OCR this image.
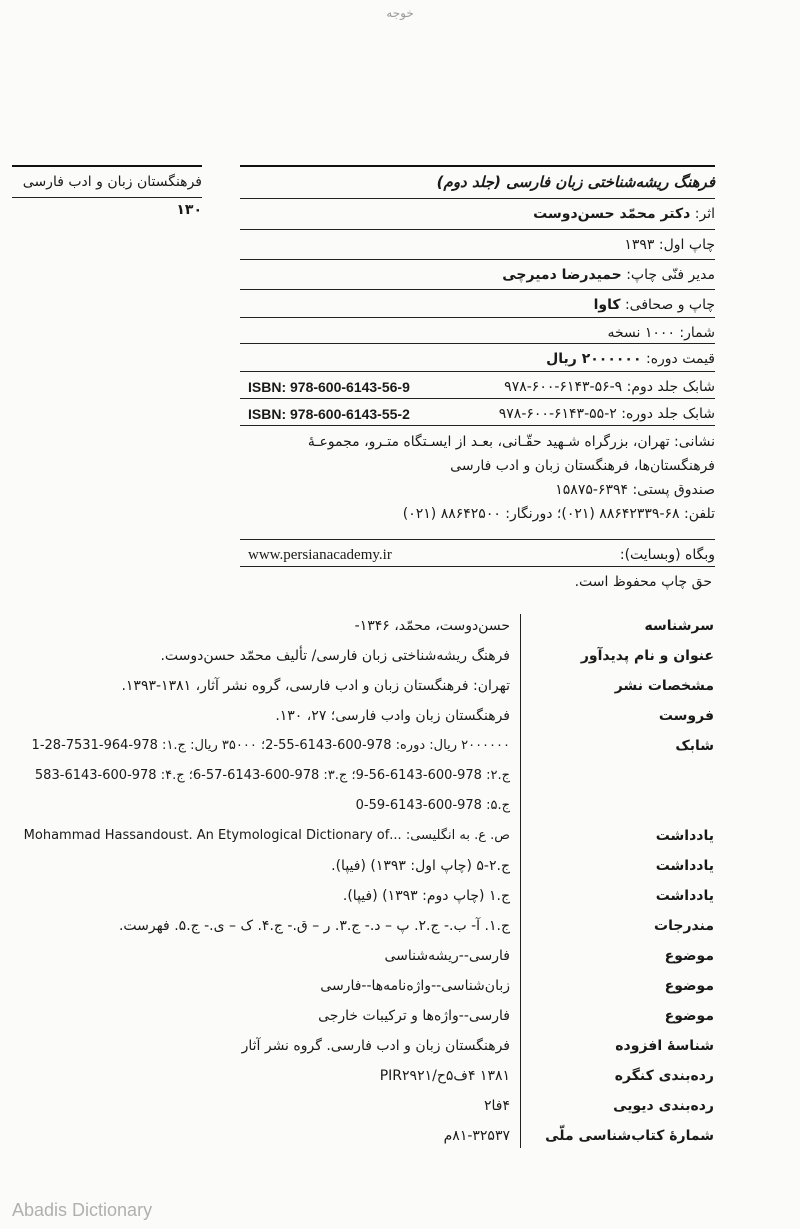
خوجه
فرهنگ ریشه‌شناختی زبان فارسی (جلد دوم)
اثر: دکتر محمّد حسن‌دوست
چاپ اول: ۱۳۹۳
مدیر فنّی چاپ: حمیدرضا دمیرچی
چاپ و صحافی: کاوا
شمار: ۱۰۰۰ نسخه
قیمت دوره: ۲۰۰۰۰۰۰ ریال
شابک جلد دوم: ۹-۵۶-۶۱۴۳-۶۰۰-۹۷۸
ISBN: 978-600-6143-56-9
شابک جلد دوره: ۲-۵۵-۶۱۴۳-۶۰۰-۹۷۸
ISBN: 978-600-6143-55-2
نشانی: تهران، بزرگراه شـهید حقّـانی، بعـد از ایسـتگاه متـرو، مجموعـهٔ
فرهنگستان‌ها، فرهنگستان زبان و ادب فارسی
صندوق پستی: ۶۳۹۴-۱۵۸۷۵
تلفن: ۶۸-۸۸۶۴۲۳۳۹ (۰۲۱)؛ دورنگار: ۸۸۶۴۲۵۰۰ (۰۲۱)
وبگاه (وبسایت):
www.persianacademy.ir
فرهنگستان زبان و ادب فارسی
۱۳۰
حق چاپ محفوظ است.
سرشناسه
حسن‌دوست، محمّد، ۱۳۴۶-
عنوان و نام پدیدآور
فرهنگ ریشه‌شناختی زبان فارسی/ تألیف محمّد حسن‌دوست.
مشخصات نشر
تهران: فرهنگستان زبان و ادب فارسی، گروه نشر آثار، ۱۳۸۱-۱۳۹۳.
فروست
فرهنگستان زبان وادب فارسی؛ ۲۷، ۱۳۰.
شابک
۲۰۰۰۰۰۰ ریال: دوره: 978-600-6143-55-2؛ ۳۵۰۰۰ ریال: ج.۱: 978-964-7531-28-1
ج.۲: 978-600-6143-56-9؛ ج.۳: 978-600-6143-57-6؛ ج.۴: 978-600-6143-583
ج.۵: 978-600-6143-59-0
یادداشت
ص. ع. به انگلیسی: ...Mohammad Hassandoust. An Etymological Dictionary of
یادداشت
ج.۲-۵ (چاپ اول: ۱۳۹۳) (فیپا).
یادداشت
ج.۱ (چاپ دوم: ۱۳۹۳) (فیپا).
مندرجات
ج.۱. آ- ب.- ج.۲. پ – د.- ج.۳. ر – ق.- ج.۴. ک – ی.- ج.۵. فهرست.
موضوع
فارسی--ریشه‌شناسی
موضوع
زبان‌شناسی--واژه‌نامه‌ها--فارسی
موضوع
فارسی--واژه‌ها و ترکیبات خارجی
شناسهٔ افزوده
فرهنگستان زبان و ادب فارسی. گروه نشر آثار
رده‌بندی کنگره
۱۳۸۱ ۴ف۵ح/PIR۲۹۲۱
رده‌بندی دیویی
۴فا۲
شمارهٔ کتاب‌شناسی ملّی
۸۱-۳۲۵۳۷م
Abadis Dictionary
